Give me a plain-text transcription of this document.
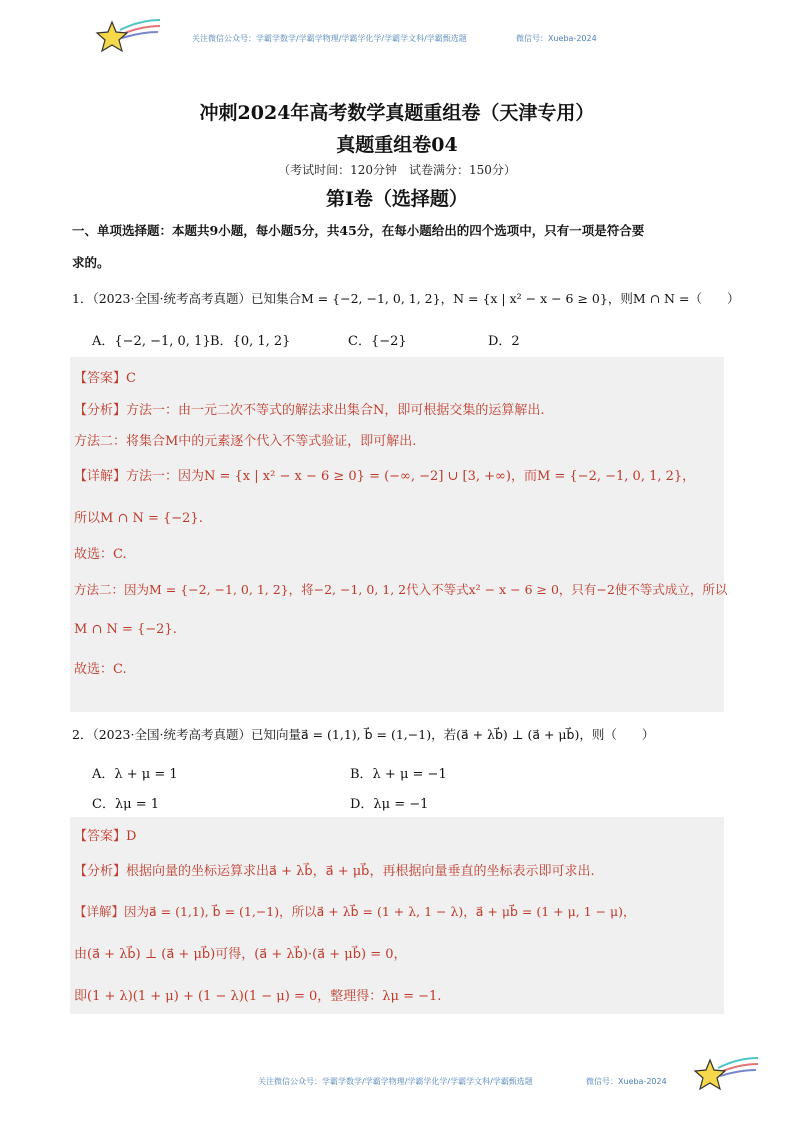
关注微信公众号：学霸学数学/学霸学物理/学霸学化学/学霸学文科/学霸甄选题	微信号：Xueba-2024
冲刺2024年高考数学真题重组卷（天津专用）
真题重组卷04
（考试时间：120分钟　试卷满分：150分）
第I卷（选择题）
一、单项选择题：本题共9小题，每小题5分，共45分，在每小题给出的四个选项中，只有一项是符合要
求的。
1．（2023·全国·统考高考真题）已知集合M = {−2, −1, 0, 1, 2}，N = {x | x² − x − 6 ≥ 0}，则M ∩ N =（　　）
A．{−2, −1, 0, 1} B．{0, 1, 2}	C．{−2}	D．2
【答案】C
【分析】方法一：由一元二次不等式的解法求出集合N，即可根据交集的运算解出.
方法二：将集合M中的元素逐个代入不等式验证，即可解出.
【详解】方法一：因为N = {x | x² − x − 6 ≥ 0} = (−∞, −2] ∪ [3, +∞)，而M = {−2, −1, 0, 1, 2}，
所以M ∩ N = {−2}.
故选：C.
方法二：因为M = {−2, −1, 0, 1, 2}，将−2, −1, 0, 1, 2代入不等式x² − x − 6 ≥ 0，只有−2使不等式成立，所以
M ∩ N = {−2}.
故选：C.
2．（2023·全国·统考高考真题）已知向量a⃗ = (1,1), b⃗ = (1,−1)，若(a⃗ + λb⃗) ⊥ (a⃗ + μb⃗)，则（　　）
A．λ + μ = 1	B．λ + μ = −1
C．λμ = 1	D．λμ = −1
【答案】D
【分析】根据向量的坐标运算求出a⃗ + λb⃗，a⃗ + μb⃗，再根据向量垂直的坐标表示即可求出.
【详解】因为a⃗ = (1,1), b⃗ = (1,−1)，所以a⃗ + λb⃗ = (1 + λ, 1 − λ)，a⃗ + μb⃗ = (1 + μ, 1 − μ)，
由(a⃗ + λb⃗) ⊥ (a⃗ + μb⃗)可得，(a⃗ + λb⃗)·(a⃗ + μb⃗) = 0，
即(1 + λ)(1 + μ) + (1 − λ)(1 − μ) = 0，整理得：λμ = −1.
关注微信公众号：学霸学数学/学霸学物理/学霸学化学/学霸学文科/学霸甄选题	微信号：Xueba-2024
